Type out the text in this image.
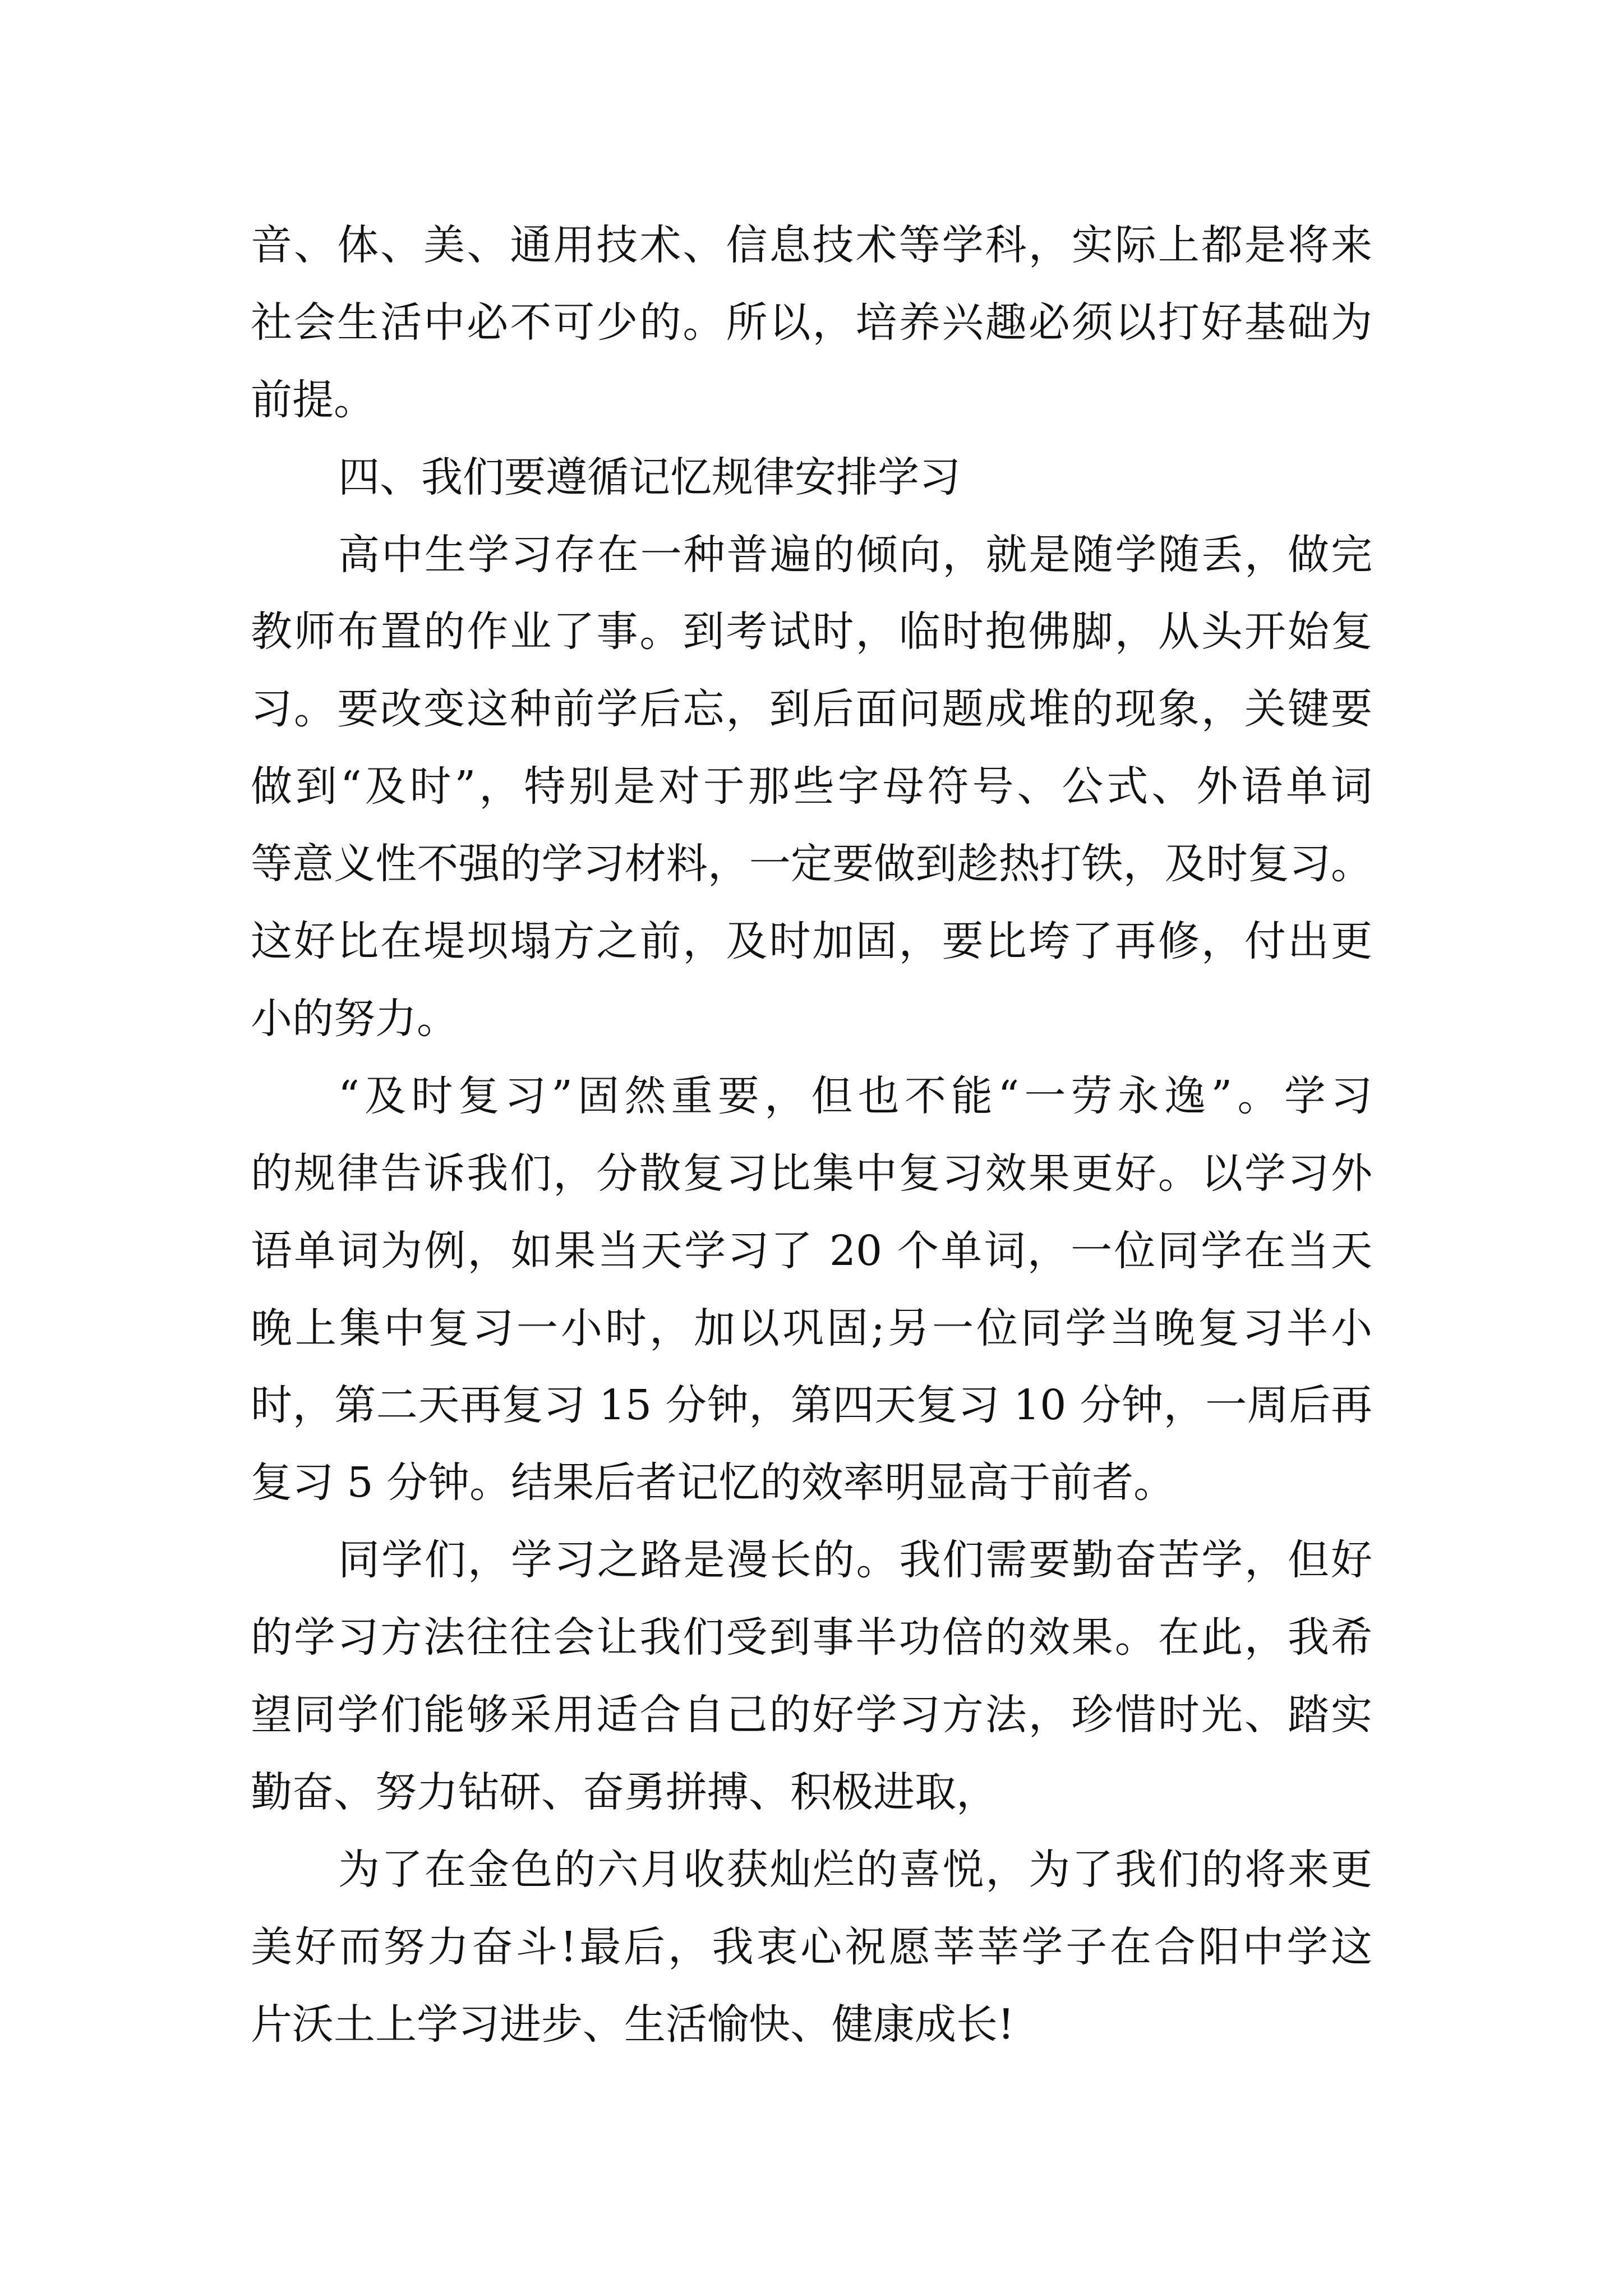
音、体、美、通用技术、信息技术等学科，实际上都是将来

社会生活中必不可少的。所以，培养兴趣必须以打好基础为

前提。

四、我们要遵循记忆规律安排学习

高中生学习存在一种普遍的倾向，就是随学随丢，做完

教师布置的作业了事。到考试时，临时抱佛脚，从头开始复

习。要改变这种前学后忘，到后面问题成堆的现象，关键要

做到“及时”，特别是对于那些字母符号、公式、外语单词

等意义性不强的学习材料，一定要做到趁热打铁，及时复习。

这好比在堤坝塌方之前，及时加固，要比垮了再修，付出更

小的努力。

“及时复习”固然重要，但也不能“一劳永逸”。学习

的规律告诉我们，分散复习比集中复习效果更好。以学习外

语单词为例，如果当天学习了 20 个单词，一位同学在当天

晚上集中复习一小时，加以巩固;另一位同学当晚复习半小

时，第二天再复习 15 分钟，第四天复习 10 分钟，一周后再

复习 5 分钟。结果后者记忆的效率明显高于前者。

同学们，学习之路是漫长的。我们需要勤奋苦学，但好

的学习方法往往会让我们受到事半功倍的效果。在此，我希

望同学们能够采用适合自己的好学习方法，珍惜时光、踏实

勤奋、努力钻研、奋勇拼搏、积极进取，

为了在金色的六月收获灿烂的喜悦，为了我们的将来更

美好而努力奋斗!最后，我衷心祝愿莘莘学子在合阳中学这

片沃土上学习进步、生活愉快、健康成长!
